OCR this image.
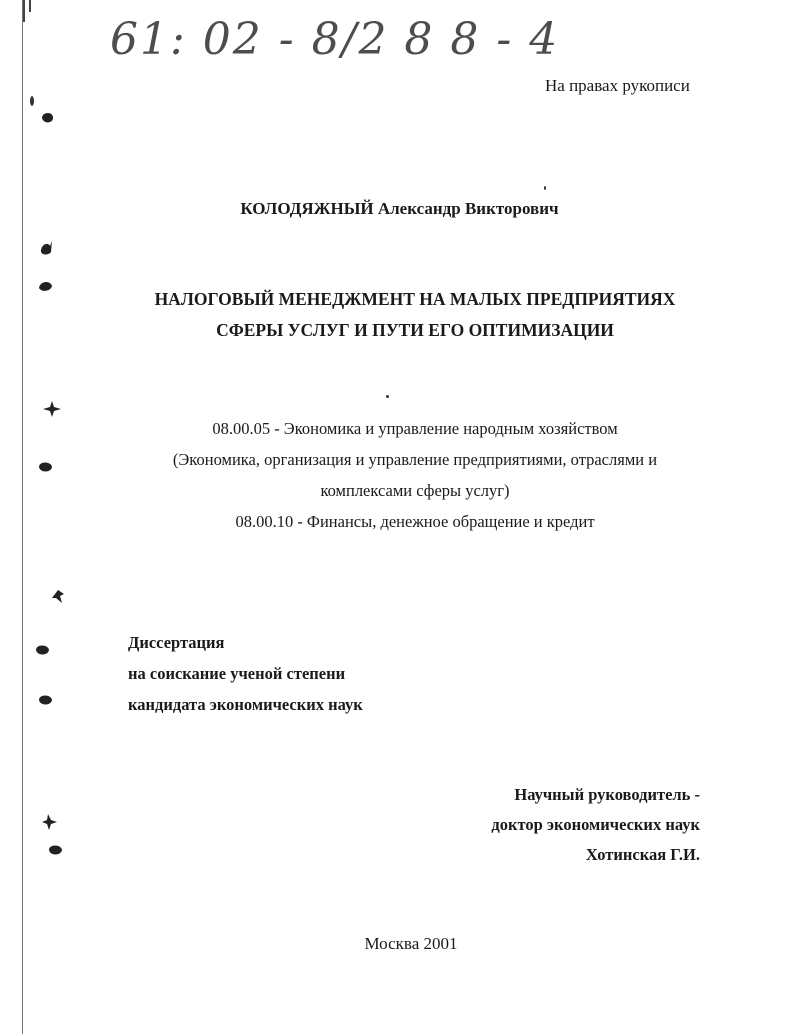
61: 02 - 8/2 8 8 - 4
На правах рукописи
КОЛОДЯЖНЫЙ Александр Викторович
НАЛОГОВЫЙ МЕНЕДЖМЕНТ НА МАЛЫХ ПРЕДПРИЯТИЯХ
СФЕРЫ УСЛУГ И ПУТИ ЕГО ОПТИМИЗАЦИИ
08.00.05 - Экономика и управление народным хозяйством
(Экономика, организация и управление предприятиями, отраслями и
комплексами сферы услуг)
08.00.10 - Финансы, денежное обращение и кредит
Диссертация
на соискание ученой степени
кандидата экономических наук
Научный руководитель -
доктор экономических наук
Хотинская Г.И.
Москва 2001
